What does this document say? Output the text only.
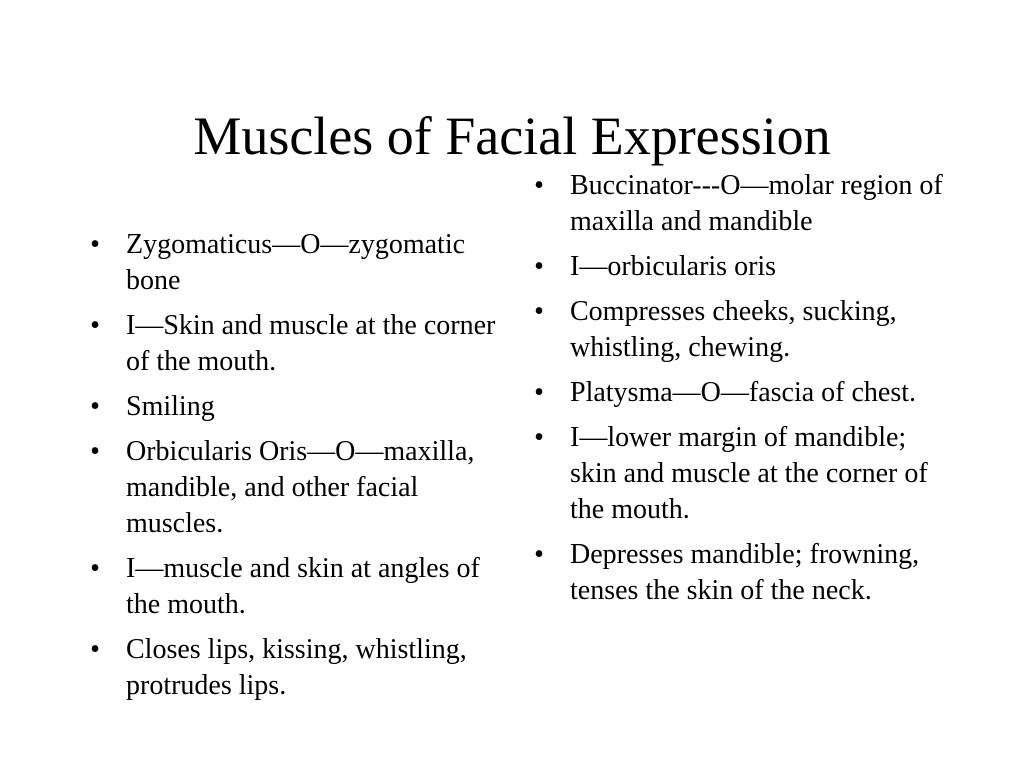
Muscles of Facial Expression
• Zygomaticus—O—zygomatic bone
• I—Skin and muscle at the corner of the mouth.
• Smiling
• Orbicularis Oris—O—maxilla, mandible, and other facial muscles.
• I—muscle and skin at angles of the mouth.
• Closes lips, kissing, whistling, protrudes lips.
• Buccinator---O—molar region of maxilla and mandible
• I—orbicularis oris
• Compresses cheeks, sucking, whistling, chewing.
• Platysma—O—fascia of chest.
• I—lower margin of mandible; skin and muscle at the corner of the mouth.
• Depresses mandible; frowning, tenses the skin of the neck.
